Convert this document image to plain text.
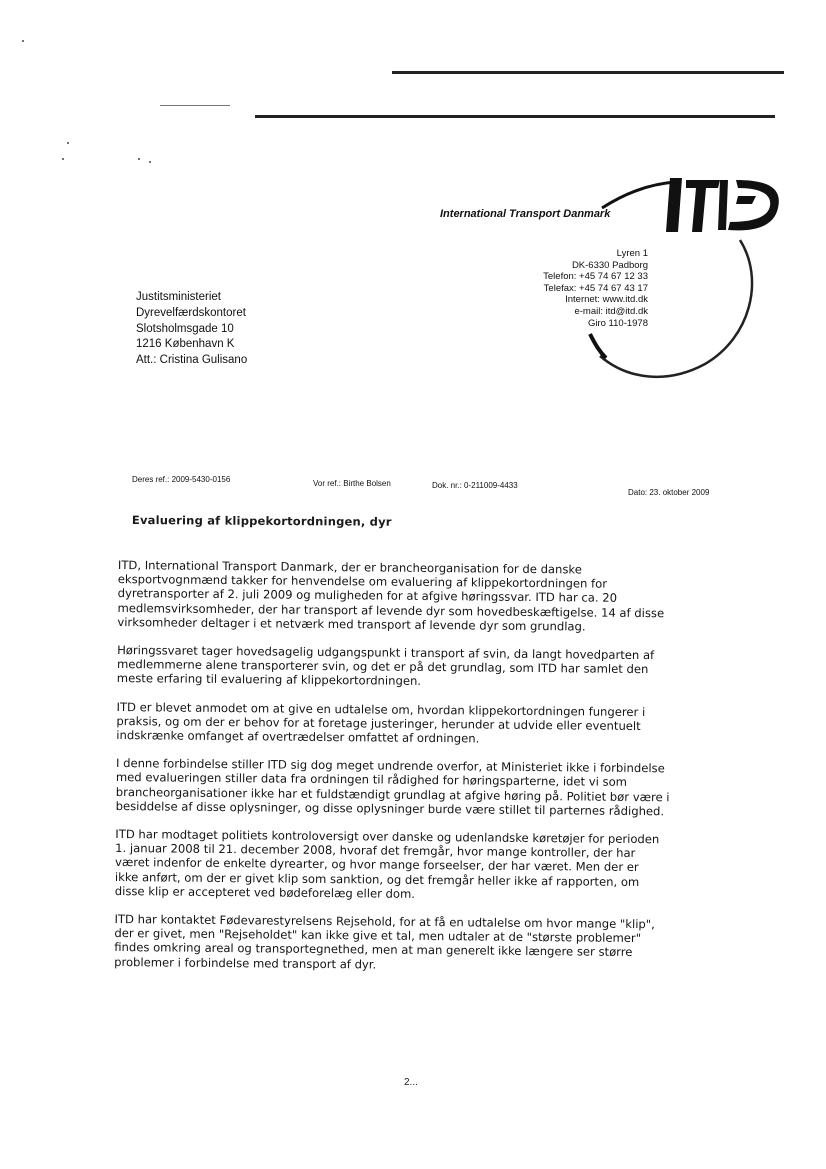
International Transport Danmark
Lyren 1
DK-6330 Padborg
Telefon: +45 74 67 12 33
Telefax: +45 74 67 43 17
Internet: www.itd.dk
e-mail: itd@itd.dk
Giro 110-1978
Justitsministeriet
Dyrevelfærdskontoret
Slotsholmsgade 10
1216 København K
Att.: Cristina Gulisano
Deres ref.: 2009-5430-0156	Vor ref.: Birthe Bolsen	Dok. nr.: 0-211009-4433
Dato: 23. oktober 2009
Evaluering af klippekortordningen, dyr

ITD, International Transport Danmark, der er brancheorganisation for de danske
eksportvognmænd takker for henvendelse om evaluering af klippekortordningen for
dyretransporter af 2. juli 2009 og muligheden for at afgive høringssvar. ITD har ca. 20
medlemsvirksomheder, der har transport af levende dyr som hovedbeskæftigelse. 14 af disse
virksomheder deltager i et netværk med transport af levende dyr som grundlag.

Høringssvaret tager hovedsagelig udgangspunkt i transport af svin, da langt hovedparten af
medlemmerne alene transporterer svin, og det er på det grundlag, som ITD har samlet den
meste erfaring til evaluering af klippekortordningen.

ITD er blevet anmodet om at give en udtalelse om, hvordan klippekortordningen fungerer i
praksis, og om der er behov for at foretage justeringer, herunder at udvide eller eventuelt
indskrænke omfanget af overtrædelser omfattet af ordningen.

I denne forbindelse stiller ITD sig dog meget undrende overfor, at Ministeriet ikke i forbindelse
med evalueringen stiller data fra ordningen til rådighed for høringsparterne, idet vi som
brancheorganisationer ikke har et fuldstændigt grundlag at afgive høring på. Politiet bør være i
besiddelse af disse oplysninger, og disse oplysninger burde være stillet til parternes rådighed.

ITD har modtaget politiets kontroloversigt over danske og udenlandske køretøjer for perioden
1. januar 2008 til 21. december 2008, hvoraf det fremgår, hvor mange kontroller, der har
været indenfor de enkelte dyrearter, og hvor mange forseelser, der har været. Men der er
ikke anført, om der er givet klip som sanktion, og det fremgår heller ikke af rapporten, om
disse klip er accepteret ved bødeforelæg eller dom.

ITD har kontaktet Fødevarestyrelsens Rejsehold, for at få en udtalelse om hvor mange "klip",
der er givet, men "Rejseholdet" kan ikke give et tal, men udtaler at de "største problemer"
findes omkring areal og transportegnethed, men at man generelt ikke længere ser større
problemer i forbindelse med transport af dyr.

2...
